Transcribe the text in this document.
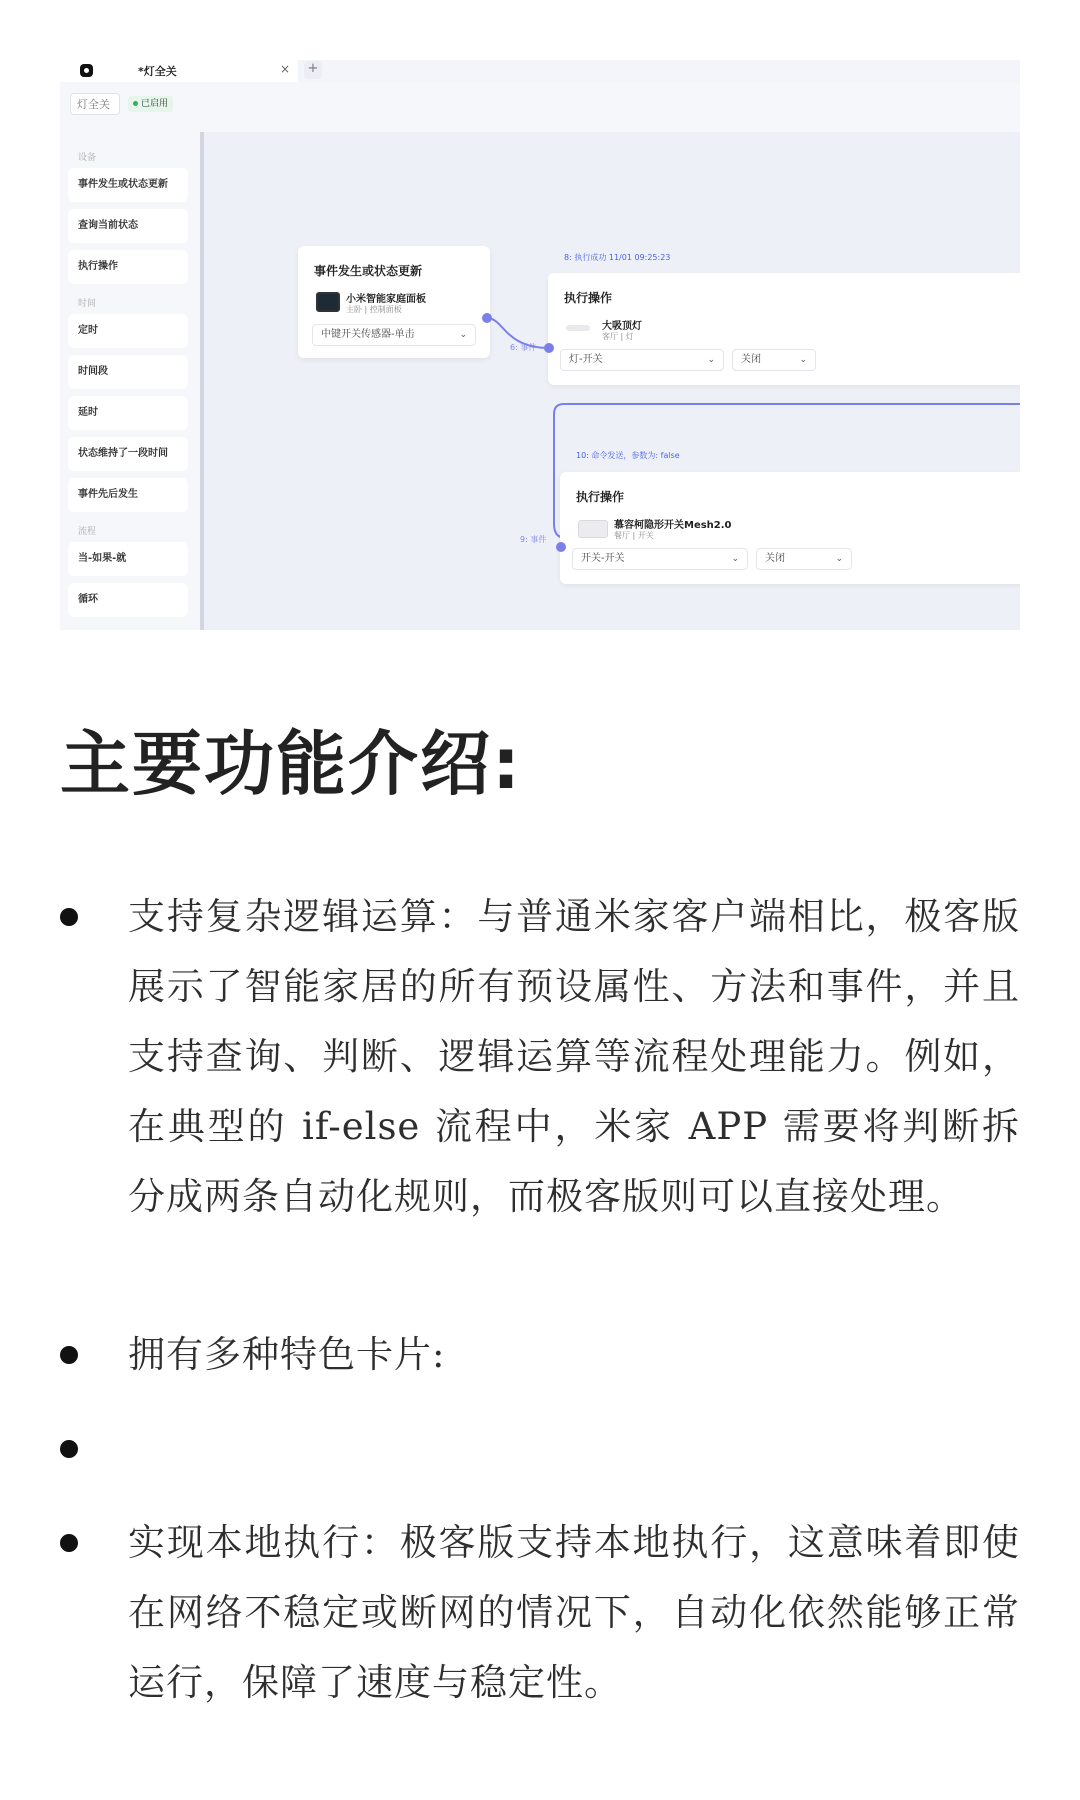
*灯全关	× +
灯全关	已启用
设备
事件发生或状态更新
查询当前状态
执行操作
时间
定时
时间段
延时
状态维持了一段时间
事件先后发生
流程
当-如果-就
循环
事件发生或状态更新
小米智能家庭面板
主卧 | 控制面板
中键开关传感器-单击	⌄
6: 事件
8: 执行成功 11/01 09:25:23
执行操作
大吸顶灯
客厅 | 灯
灯-开关	⌄	关闭	⌄
10: 命令发送，参数为: false
执行操作
慕容柯隐形开关Mesh2.0
餐厅 | 开关
开关-开关	⌄	关闭	⌄
9: 事件
主要功能介绍:
支持复杂逻辑运算：与普通米家客户端相比，极客版展示了智能家居的所有预设属性、方法和事件，并且支持查询、判断、逻辑运算等流程处理能力。例如，在典型的 if-else 流程中，米家 APP 需要将判断拆分成两条自动化规则，而极客版则可以直接处理。
拥有多种特色卡片:
实现本地执行：极客版支持本地执行，这意味着即使在网络不稳定或断网的情况下，自动化依然能够正常运行，保障了速度与稳定性。
